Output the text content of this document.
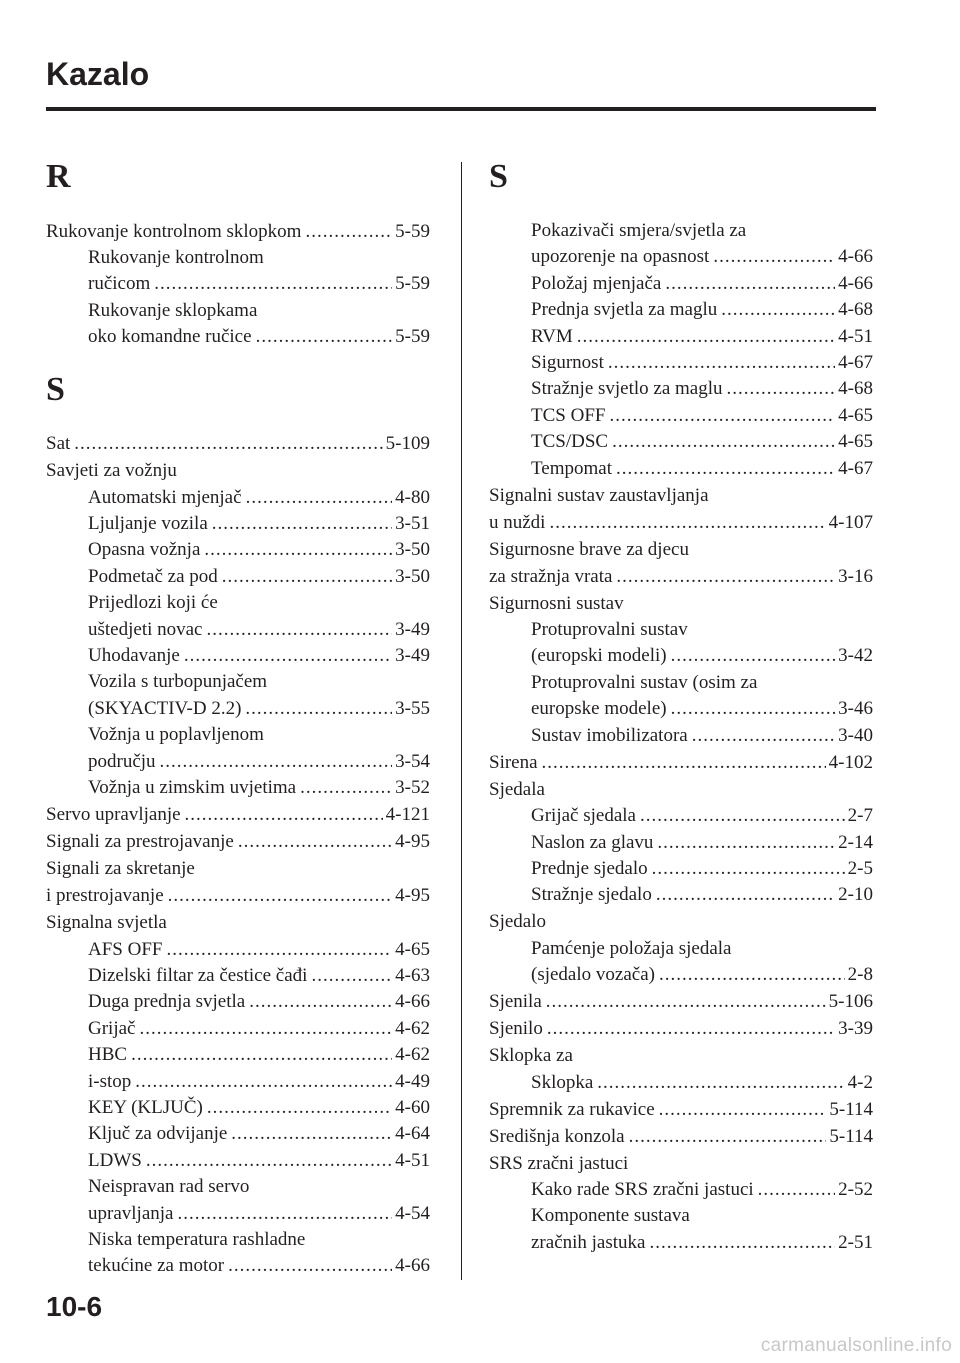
Kazalo
R
Rukovanje kontrolnom sklopkom .....	5-59
Rukovanje kontrolnom
ručicom .....	5-59
Rukovanje sklopkama
oko komandne ručice .....	5-59
S
Sat .....	5-109
Savjeti za vožnju
Automatski mjenjač .....	4-80
Ljuljanje vozila .....	3-51
Opasna vožnja .....	3-50
Podmetač za pod .....	3-50
Prijedlozi koji će
uštedjeti novac .....	3-49
Uhodavanje .....	3-49
Vozila s turbopunjačem
(SKYACTIV-D 2.2) .....	3-55
Vožnja u poplavljenom
području .....	3-54
Vožnja u zimskim uvjetima .....	3-52
Servo upravljanje .....	4-121
Signali za prestrojavanje .....	4-95
Signali za skretanje
i prestrojavanje .....	4-95
Signalna svjetla
AFS OFF .....	4-65
Dizelski filtar za čestice čađi .....	4-63
Duga prednja svjetla .....	4-66
Grijač .....	4-62
HBC .....	4-62
i-stop .....	4-49
KEY (KLJUČ) .....	4-60
Ključ za odvijanje .....	4-64
LDWS .....	4-51
Neispravan rad servo
upravljanja .....	4-54
Niska temperatura rashladne
tekućine za motor .....	4-66
S
Pokazivači smjera/svjetla za
upozorenje na opasnost .....	4-66
Položaj mjenjača .....	4-66
Prednja svjetla za maglu .....	4-68
RVM .....	4-51
Sigurnost .....	4-67
Stražnje svjetlo za maglu .....	4-68
TCS OFF .....	4-65
TCS/DSC .....	4-65
Tempomat .....	4-67
Signalni sustav zaustavljanja
u nuždi .....	4-107
Sigurnosne brave za djecu
za stražnja vrata .....	3-16
Sigurnosni sustav
Protuprovalni sustav
(europski modeli) .....	3-42
Protuprovalni sustav (osim za
europske modele) .....	3-46
Sustav imobilizatora .....	3-40
Sirena .....	4-102
Sjedala
Grijač sjedala .....	2-7
Naslon za glavu .....	2-14
Prednje sjedalo .....	2-5
Stražnje sjedalo .....	2-10
Sjedalo
Pamćenje položaja sjedala
(sjedalo vozača) .....	2-8
Sjenila .....	5-106
Sjenilo .....	3-39
Sklopka za
Sklopka .....	4-2
Spremnik za rukavice .....	5-114
Središnja konzola .....	5-114
SRS zračni jastuci
Kako rade SRS zračni jastuci .....	2-52
Komponente sustava
zračnih jastuka .....	2-51
10-6
carmanualsonline.info
